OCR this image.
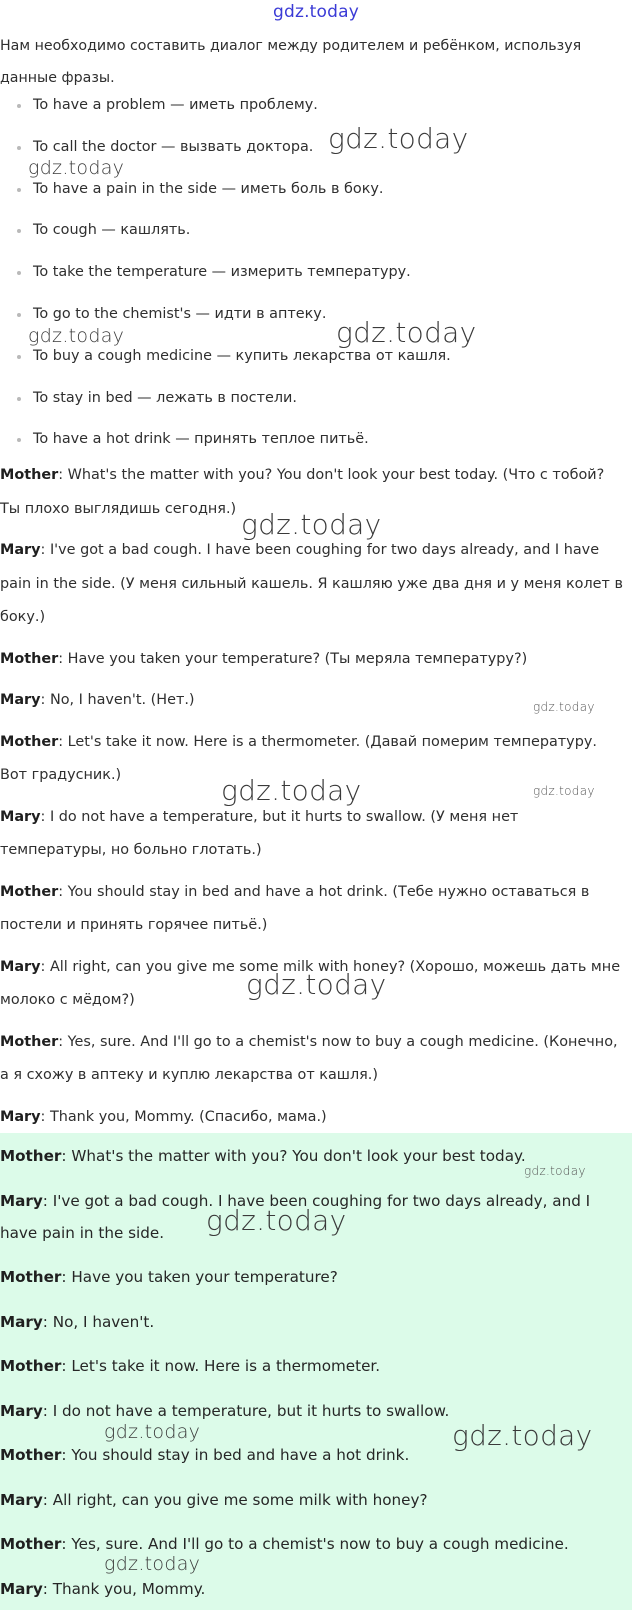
gdz.today
Нам необходимо составить диалог между родителем и ребёнком, используя данные фразы.
To have a problem — иметь проблему.
To call the doctor — вызвать доктора.
To have a pain in the side — иметь боль в боку.
To cough — кашлять.
To take the temperature — измерить температуру.
To go to the chemist's — идти в аптеку.
To buy a cough medicine — купить лекарства от кашля.
To stay in bed — лежать в постели.
To have a hot drink — принять теплое питьё.

Mother: What's the matter with you? You don't look your best today. (Что с тобой? Ты плохо выглядишь сегодня.)

Mary: I've got a bad cough. I have been coughing for two days already, and I have pain in the side. (У меня сильный кашель. Я кашляю уже два дня и у меня колет в боку.)

Mother: Have you taken your temperature? (Ты меряла температуру?)

Mary: No, I haven't. (Нет.)

Mother: Let's take it now. Here is a thermometer. (Давай померим температуру. Вот градусник.)

Mary: I do not have a temperature, but it hurts to swallow. (У меня нет температуры, но больно глотать.)

Mother: You should stay in bed and have a hot drink. (Тебе нужно оставаться в постели и принять горячее питьё.)

Mary: All right, can you give me some milk with honey? (Хорошо, можешь дать мне молоко с мёдом?)

Mother: Yes, sure. And I'll go to a chemist's now to buy a cough medicine. (Конечно, а я схожу в аптеку и куплю лекарства от кашля.)

Mary: Thank you, Mommy. (Спасибо, мама.)

Mother: What's the matter with you? You don't look your best today.

Mary: I've got a bad cough. I have been coughing for two days already, and I have pain in the side.

Mother: Have you taken your temperature?

Mary: No, I haven't.

Mother: Let's take it now. Here is a thermometer.

Mary: I do not have a temperature, but it hurts to swallow.

Mother: You should stay in bed and have a hot drink.

Mary: All right, can you give me some milk with honey?

Mother: Yes, sure. And I'll go to a chemist's now to buy a cough medicine.

Mary: Thank you, Mommy.

gdz.today
gdz.today
gdz.today	gdz.today
gdz.today
gdz.today
gdz.today	gdz.today
gdz.today
gdz.today
gdz.today
gdz.today	gdz.today
gdz.today
